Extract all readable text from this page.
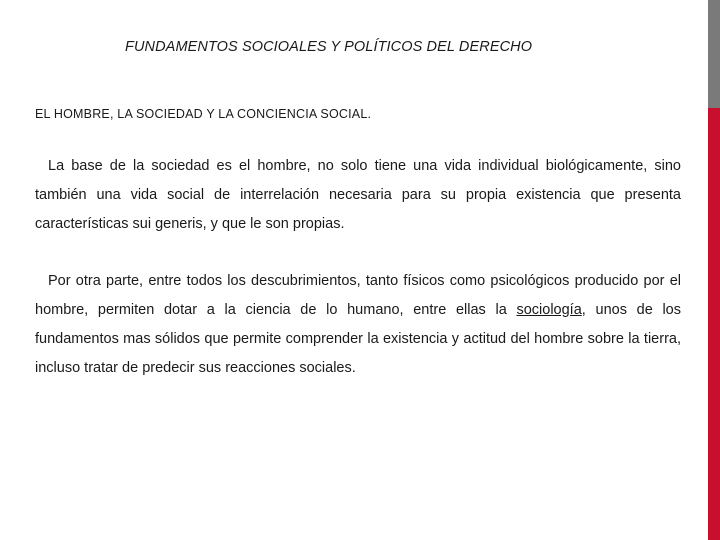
FUNDAMENTOS SOCIOALES Y POLÍTICOS DEL DERECHO
EL HOMBRE, LA SOCIEDAD Y LA CONCIENCIA SOCIAL.

La base de la sociedad es el hombre, no solo tiene una vida individual biológicamente, sino también una vida social de interrelación necesaria para su propia existencia que presenta características sui generis, y que le son propias.

Por otra parte, entre todos los descubrimientos, tanto físicos como psicológicos producido por el hombre, permiten dotar a la ciencia de lo humano, entre ellas la sociología, unos de los fundamentos mas sólidos que permite comprender la existencia y actitud del hombre sobre la tierra, incluso tratar de predecir sus reacciones sociales.
